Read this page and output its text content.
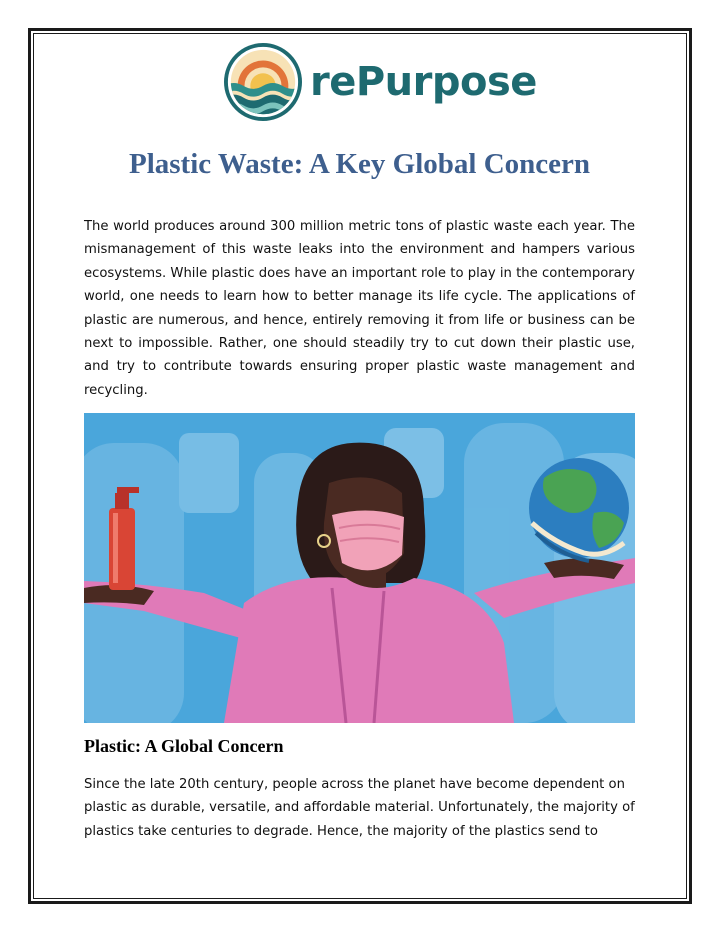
rePurpose
Plastic Waste: A Key Global Concern

The world produces around 300 million metric tons of plastic waste each year. The mismanagement of this waste leaks into the environment and hampers various ecosystems. While plastic does have an important role to play in the contemporary world, one needs to learn how to better manage its life cycle. The applications of plastic are numerous, and hence, entirely removing it from life or business can be next to impossible. Rather, one should steadily try to cut down their plastic use, and try to contribute towards ensuring proper plastic waste management and recycling.

Plastic: A Global Concern

Since the late 20th century, people across the planet have become dependent on plastic as durable, versatile, and affordable material. Unfortunately, the majority of plastics take centuries to degrade. Hence, the majority of the plastics send to
